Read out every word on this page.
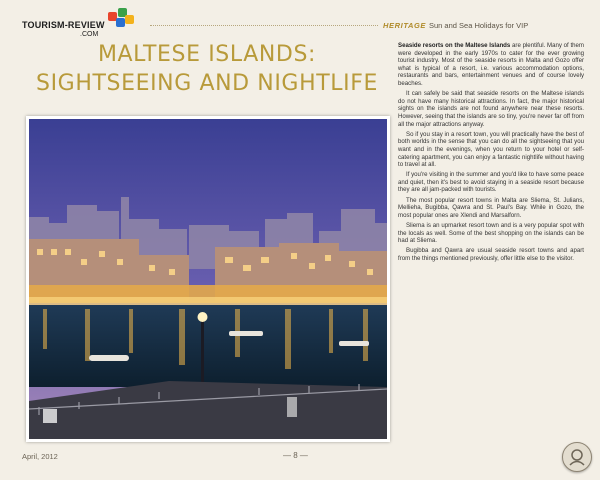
TOURISM-REVIEW
.COM
HERITAGE Sun and Sea Holidays for VIP
MALTESE ISLANDS:
SIGHTSEEING AND NIGHTLIFE

Seaside resorts on the Maltese Islands are plentiful. Many of them were developed in the early 1970s to cater for the ever growing tourist industry. Most of the seaside resorts in Malta and Gozo offer what is typical of a resort, i.e. various accommodation options, restaurants and bars, entertainment venues and of course lovely beaches.

It can safely be said that seaside resorts on the Maltese islands do not have many historical attractions. In fact, the major historical sights on the islands are not found anywhere near these resorts. However, seeing that the islands are so tiny, you're never far off from all the major attractions anyway.

So if you stay in a resort town, you will practically have the best of both worlds in the sense that you can do all the sightseeing that you want and in the evenings, when you return to your hotel or self-catering apartment, you can enjoy a fantastic nightlife without having to travel at all.

If you're visiting in the summer and you'd like to have some peace and quiet, then it's best to avoid staying in a seaside resort because they are all jam-packed with tourists.

The most popular resort towns in Malta are Sliema, St. Julians, Mellieha, Bugibba, Qawra and St. Paul's Bay. While in Gozo, the most popular ones are Xlendi and Marsalforn.

Sliema is an upmarket resort town and is a very popular spot with the locals as well. Some of the best shopping on the islands can be had at Sliema.

Bugibba and Qawra are usual seaside resort towns and apart from the things mentioned previously, offer little else to the visitor.

April, 2012	— 8 —
